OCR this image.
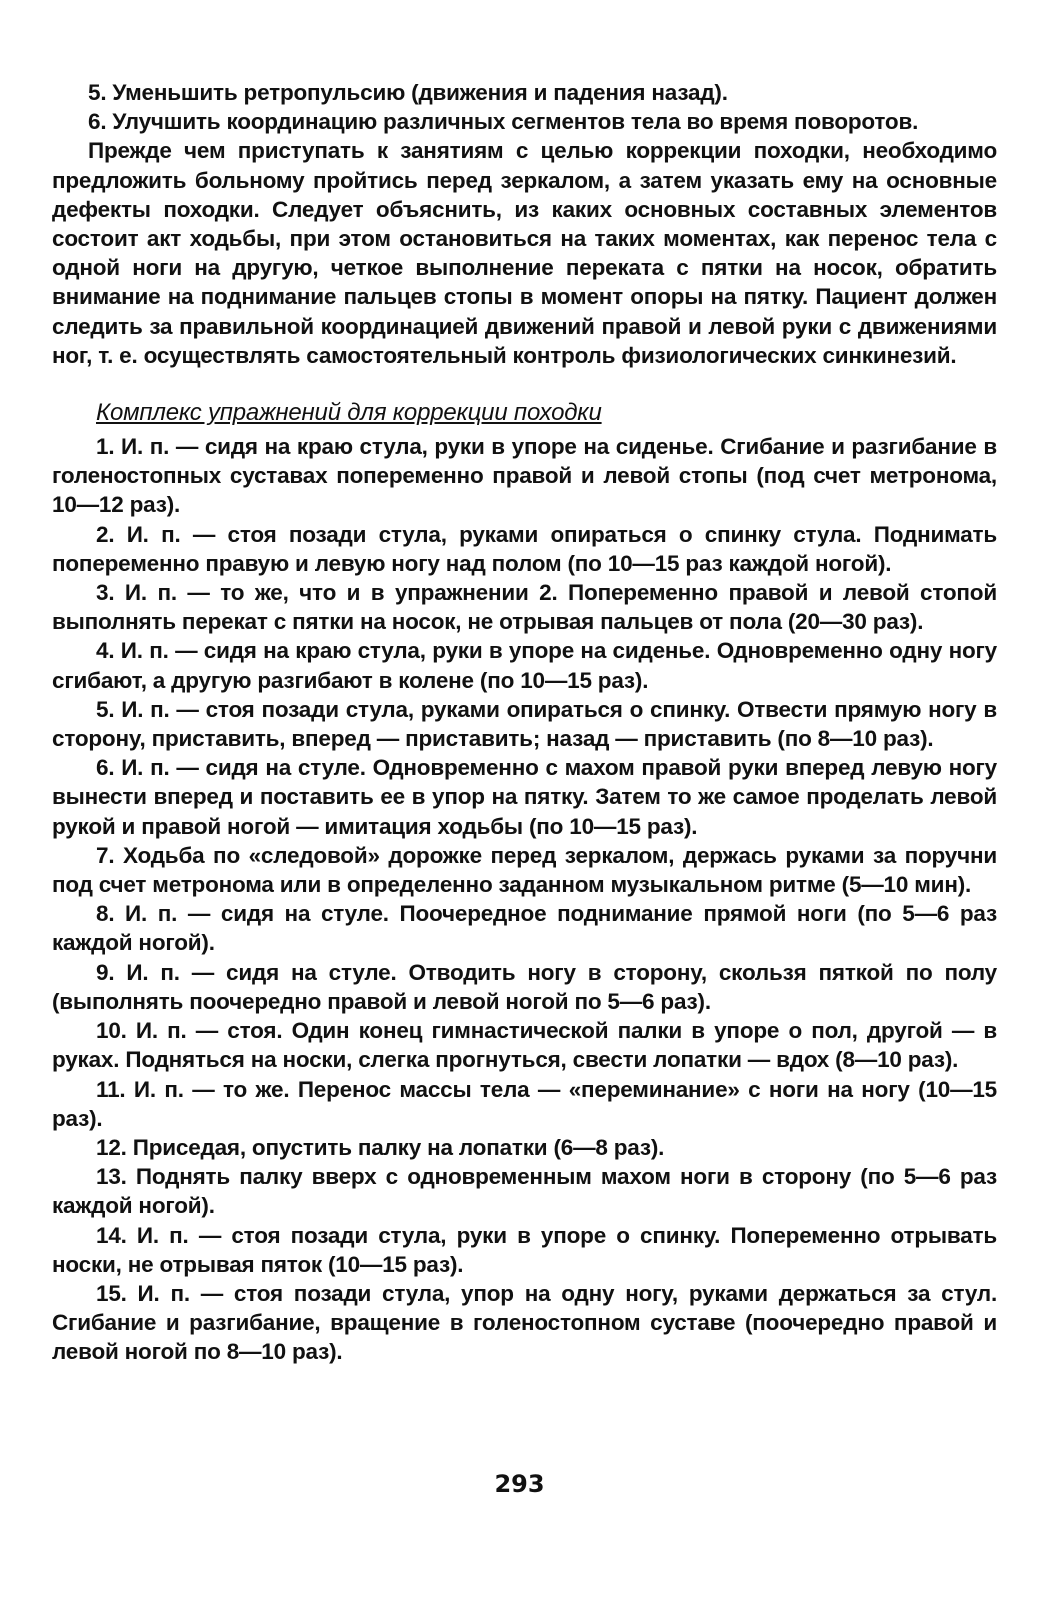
5. Уменьшить ретропульсию (движения и падения назад).

6. Улучшить координацию различных сегментов тела во время поворотов.

Прежде чем приступать к занятиям с целью коррекции походки, необходимо предложить больному пройтись перед зеркалом, а затем указать ему на основные дефекты походки. Следует объяснить, из каких основных составных элементов состоит акт ходьбы, при этом остановиться на таких моментах, как перенос тела с одной ноги на другую, четкое выполнение переката с пятки на носок, обратить внимание на поднимание пальцев стопы в момент опоры на пятку. Пациент должен следить за правильной координацией движений правой и левой руки с движениями ног, т. е. осуществлять самостоятельный контроль физиологических синкинезий.

Комплекс упражнений для коррекции походки

1. И. п. — сидя на краю стула, руки в упоре на сиденье. Сгибание и разгибание в голеностопных суставах попеременно правой и левой стопы (под счет метронома, 10—12 раз).

2. И. п. — стоя позади стула, руками опираться о спинку стула. Поднимать попеременно правую и левую ногу над полом (по 10—15 раз каждой ногой).

3. И. п. — то же, что и в упражнении 2. Попеременно правой и левой стопой выполнять перекат с пятки на носок, не отрывая пальцев от пола (20—30 раз).

4. И. п. — сидя на краю стула, руки в упоре на сиденье. Одновременно одну ногу сгибают, а другую разгибают в колене (по 10—15 раз).

5. И. п. — стоя позади стула, руками опираться о спинку. Отвести прямую ногу в сторону, приставить, вперед — приставить; назад — приставить (по 8—10 раз).

6. И. п. — сидя на стуле. Одновременно с махом правой руки вперед левую ногу вынести вперед и поставить ее в упор на пятку. Затем то же самое проделать левой рукой и правой ногой — имитация ходьбы (по 10—15 раз).

7. Ходьба по «следовой» дорожке перед зеркалом, держась руками за поручни под счет метронома или в определенно заданном музыкальном ритме (5—10 мин).

8. И. п. — сидя на стуле. Поочередное поднимание прямой ноги (по 5—6 раз каждой ногой).

9. И. п. — сидя на стуле. Отводить ногу в сторону, скользя пяткой по полу (выполнять поочередно правой и левой ногой по 5—6 раз).

10. И. п. — стоя. Один конец гимнастической палки в упоре о пол, другой — в руках. Подняться на носки, слегка прогнуться, свести лопатки — вдох (8—10 раз).

11. И. п. — то же. Перенос массы тела — «переминание» с ноги на ногу (10—15 раз).

12. Приседая, опустить палку на лопатки (6—8 раз).

13. Поднять палку вверх с одновременным махом ноги в сторону (по 5—6 раз каждой ногой).

14. И. п. — стоя позади стула, руки в упоре о спинку. Попеременно отрывать носки, не отрывая пяток (10—15 раз).

15. И. п. — стоя позади стула, упор на одну ногу, руками держаться за стул. Сгибание и разгибание, вращение в голеностопном суставе (поочередно правой и левой ногой по 8—10 раз).

293
